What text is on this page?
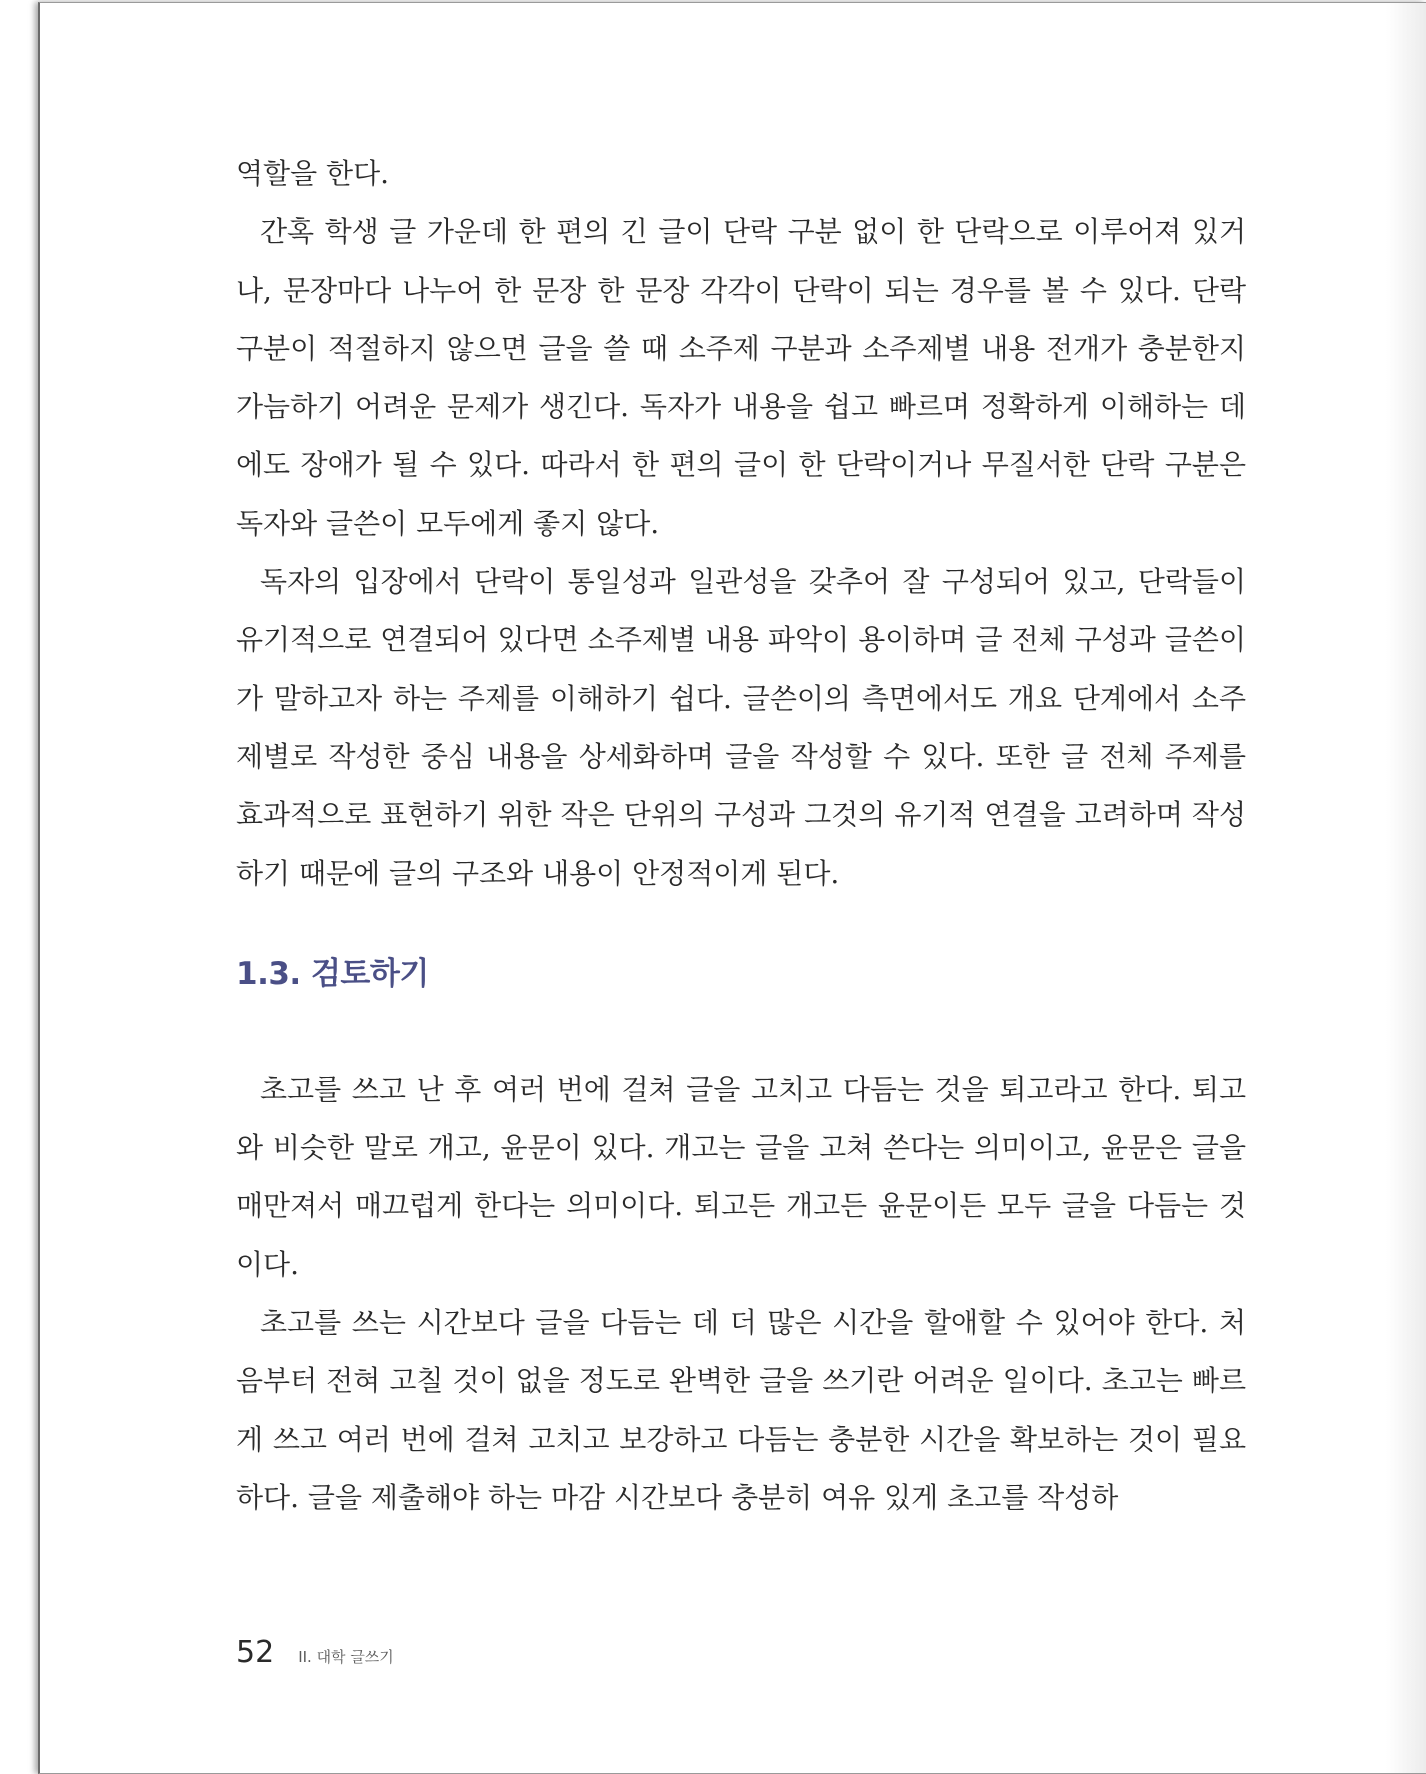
역할을 한다.

간혹 학생 글 가운데 한 편의 긴 글이 단락 구분 없이 한 단락으로 이루어져 있거나, 문장마다 나누어 한 문장 한 문장 각각이 단락이 되는 경우를 볼 수 있다. 단락 구분이 적절하지 않으면 글을 쓸 때 소주제 구분과 소주제별 내용 전개가 충분한지 가늠하기 어려운 문제가 생긴다. 독자가 내용을 쉽고 빠르며 정확하게 이해하는 데에도 장애가 될 수 있다. 따라서 한 편의 글이 한 단락이거나 무질서한 단락 구분은 독자와 글쓴이 모두에게 좋지 않다.

독자의 입장에서 단락이 통일성과 일관성을 갖추어 잘 구성되어 있고, 단락들이 유기적으로 연결되어 있다면 소주제별 내용 파악이 용이하며 글 전체 구성과 글쓴이가 말하고자 하는 주제를 이해하기 쉽다. 글쓴이의 측면에서도 개요 단계에서 소주제별로 작성한 중심 내용을 상세화하며 글을 작성할 수 있다. 또한 글 전체 주제를 효과적으로 표현하기 위한 작은 단위의 구성과 그것의 유기적 연결을 고려하며 작성하기 때문에 글의 구조와 내용이 안정적이게 된다.

1.3. 검토하기

초고를 쓰고 난 후 여러 번에 걸쳐 글을 고치고 다듬는 것을 퇴고라고 한다. 퇴고와 비슷한 말로 개고, 윤문이 있다. 개고는 글을 고쳐 쓴다는 의미이고, 윤문은 글을 매만져서 매끄럽게 한다는 의미이다. 퇴고든 개고든 윤문이든 모두 글을 다듬는 것이다.

초고를 쓰는 시간보다 글을 다듬는 데 더 많은 시간을 할애할 수 있어야 한다. 처음부터 전혀 고칠 것이 없을 정도로 완벽한 글을 쓰기란 어려운 일이다. 초고는 빠르게 쓰고 여러 번에 걸쳐 고치고 보강하고 다듬는 충분한 시간을 확보하는 것이 필요하다. 글을 제출해야 하는 마감 시간보다 충분히 여유 있게 초고를 작성하

52 II. 대학 글쓰기
